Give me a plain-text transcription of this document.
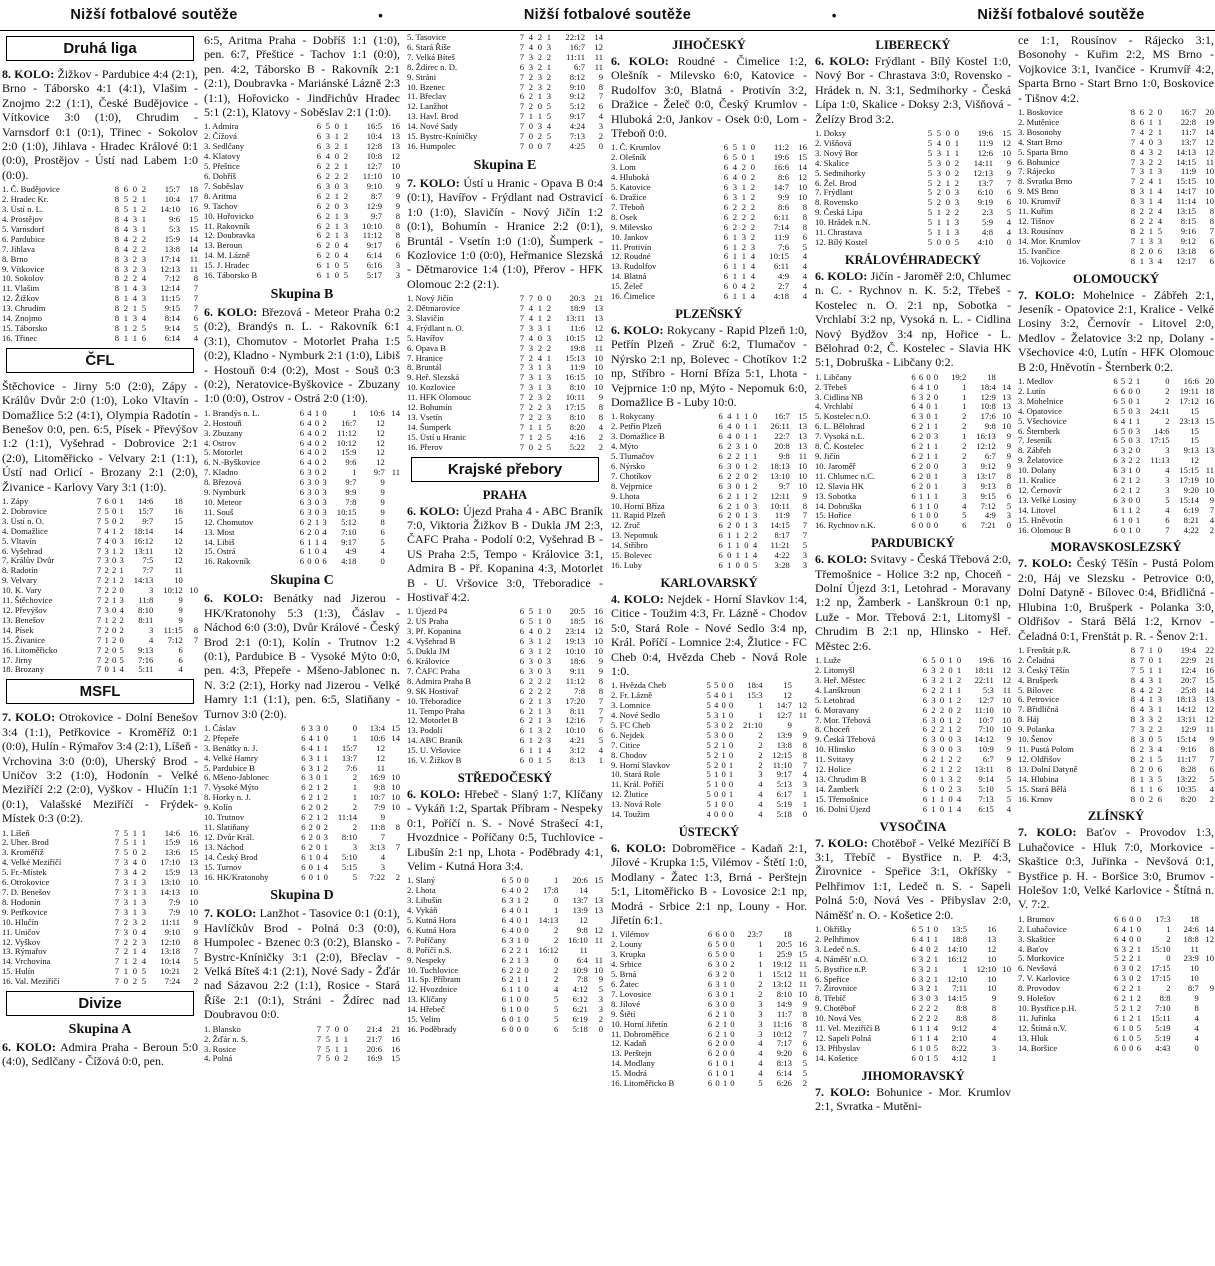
Nižší fotbalové soutěže	•	Nižší fotbalové soutěže	•	Nižší fotbalové soutěže
Druhá liga

8. KOLO: Žižkov - Pardubice 4:4 (2:1), Brno - Táborsko 4:1 (4:1), Vlašim - Znojmo 2:2 (1:1), České Budějovice - Vítkovice 3:0 (1:0), Chrudim - Varnsdorf 0:1 (0:1), Třinec - Sokolov 2:0 (1:0), Jihlava - Hradec Králové 0:1 (0:0), Prostějov - Ústí nad Labem 1:0 (0:0).

1. Č. Budějovice	8	6	0	2	15:7	18
2. Hradec Kr.	8	5	2	1	10:4	17
3. Ústí n. L.	8	5	1	2	14:10	16
4. Prostějov	8	4	3	1	9:6	15
5. Varnsdorf	8	4	3	1	5:3	15
6. Pardubice	8	4	2	2	15:9	14
7. Jihlava	8	4	2	2	13:8	14
8. Brno	8	3	2	3	17:14	11
9. Vítkovice	8	3	2	3	12:13	11
10. Sokolov	8	2	2	4	7:12	8
11. Vlašim	8	1	4	3	12:14	7
12. Žižkov	8	1	4	3	11:15	7
13. Chrudim	8	2	1	5	9:15	7
14. Znojmo	8	1	3	4	8:14	6
15. Táborsko	8	1	2	5	9:14	5
16. Třinec	8	1	1	6	6:14	4
ČFL

Štěchovice - Jirny 5:0 (2:0), Zápy - Králův Dvůr 2:0 (1:0), Loko Vltavín - Domažlice 5:2 (4:1), Olympia Radotín - Benešov 0:0, pen. 6:5, Písek - Převýšov 1:2 (1:1), Vyšehrad - Dobrovice 2:1 (2:0), Litoměřicko - Velvary 2:1 (1:1), Ústí nad Orlicí - Brozany 2:1 (2:0), Živanice - Karlovy Vary 3:1 (1:0).

1. Zápy	7	6	0	1	14:6	18	
2. Dobrovice	7	5	0	1	15:7	16	
3. Ústí n. O.	7	5	0	2	9:7	15	
4. Domažlice	7	4	1	2	18:14	14	
5. Vltavín	7	4	0	3	16:12	12	
6. Vyšehrad	7	3	1	2	13:11	12	
7. Králův Dvůr	7	3	0	3	7:5	12	
8. Radotín	7	2	2	1	7:7	11	
9. Velvary	7	2	1	2	14:13	10	
10. K. Vary	7	2	2	0	3	10:12	10
11. Štěchovice	7	2	1	3	11:8	9	
12. Převýšov	7	3	0	4	8:10	9	
13. Benešov	7	1	2	2	8:11	9	
14. Písek	7	2	0	2	3	11:15	8
15. Živanice	7	1	2	0	4	7:12	7
16. Litoměřicko	7	2	0	5	9:13	6	
17. Jirny	7	2	0	5	7:16	6	
18. Brozany	7	0	1	4	5:11	4	
MSFL

7. KOLO: Otrokovice - Dolní Benešov 3:4 (1:1), Petřkovice - Kroměříž 0:1 (0:0), Hulín - Rýmařov 3:4 (2:1), Líšeň - Vrchovina 3:0 (0:0), Uherský Brod - Uničov 3:2 (1:0), Hodonín - Velké Meziříčí 2:2 (2:0), Vyškov - Hlučín 1:1 (0:1), Valašské Meziříčí - Frýdek-Místek 0:3 (0:2).

1. Líšeň	7	5	1	1	14:6	16
2. Uher. Brod	7	5	1	1	15:9	16
3. Kroměříž	7	5	0	2	13:6	15
4. Velké Meziříčí	7	3	4	0	17:10	13
5. Fr.-Místek	7	3	4	2	15:9	13
6. Otrokovice	7	3	1	3	13:10	10
7. D. Benešov	7	3	1	3	14:13	10
8. Hodonín	7	3	1	3	7:9	10
9. Petřkovice	7	3	1	3	7:9	10
10. Hlučín	7	2	3	2	11:11	9
11. Uničov	7	3	0	4	9:10	9
12. Vyškov	7	2	2	3	12:10	8
13. Rýmařov	7	2	1	4	13:18	7
14. Vrchovina	7	1	2	4	10:14	5
15. Hulín	7	1	0	5	10:21	2
16. Val. Meziříčí	7	0	2	5	7:24	2
Divize
Skupina A

6. KOLO: Admira Praha - Beroun 5:0 (4:0), Sedlčany - Čížová 0:0, pen.

6:5, Aritma Praha - Dobříš 1:1 (1:0), pen. 6:7, Přeštice - Tachov 1:1 (0:0), pen. 4:2, Táborsko B - Rakovník 2:1 (2:1), Doubravka - Mariánské Lázně 2:3 (1:1), Hořovicko - Jindřichův Hradec 5:1 (2:1), Klatovy - Soběslav 2:1 (1:0).

1. Admira	6	5	0	1	16:5	16
2. Čížová	6	3	1	2	10:4	13
3. Sedlčany	6	3	2	1	12:8	13
4. Klatovy	6	4	0	2	10:8	12
5. Přeštice	6	2	2	1	12:7	10
6. Dobříš	6	2	2	2	11:10	10
7. Soběslav	6	3	0	3	9:10	9
8. Aritma	6	2	1	2	8:7	9
9. Tachov	6	2	0	3	12:9	9
10. Hořovicko	6	2	1	3	9:7	8
11. Rakovník	6	2	1	3	10:10	8
12. Doubravka	6	2	1	3	11:12	8
13. Beroun	6	2	0	4	9:17	6
14. M. Lázně	6	2	0	4	6:14	6
15. J. Hradec	6	1	0	5	6:16	3
16. Táborsko B	6	1	0	5	5:17	3
Skupina B

6. KOLO: Březová - Meteor Praha 0:2 (0:2), Brandýs n. L. - Rakovník 6:1 (3:1), Chomutov - Motorlet Praha 1:5 (0:2), Kladno - Nymburk 2:1 (1:0), Libiš - Hostouň 0:4 (0:2), Most - Souš 0:3 (0:2), Neratovice-Byškovice - Zbuzany 1:0 (0:0), Ostrov - Ostrá 2:0 (1:0).

1. Brandýs n. L.	6	4	1	0	1	10:6	14
2. Hostouň	6	4	0	2	16:7	12	
3. Zbuzany	6	4	0	2	11:12	12	
4. Ostrov	6	4	0	2	10:12	12	
5. Motorlet	6	4	0	2	15:9	12	
6. N.-Byškovice	6	4	0	2	9:6	12	
7. Kladno	6	3	0	2	1	9:7	11
8. Březová	6	3	0	3	9:7	9	
9. Nymburk	6	3	0	3	9:9	9	
10. Meteor	6	3	0	3	7:8	9	
11. Souš	6	3	0	3	10:15	9	
12. Chomutov	6	2	1	3	5:12	8	
13. Most	6	2	0	4	7:10	6	
14. Libiš	6	1	1	4	9:17	5	
15. Ostrá	6	1	0	4	4:9	4	
16. Rakovník	6	0	0	6	4:18	0	
Skupina C

6. KOLO: Benátky nad Jizerou - HK/Kratonohy 5:3 (1:3), Čáslav - Náchod 6:0 (3:0), Dvůr Králové - Český Brod 2:1 (0:1), Kolín - Trutnov 1:2 (0:1), Pardubice B - Vysoké Mýto 0:0, pen. 4:3, Přepeře - Mšeno-Jablonec n. N. 3:2 (2:1), Horky nad Jizerou - Velké Hamry 1:1 (1:1), pen. 6:5, Slatiňany - Turnov 3:0 (2:0).

1. Čáslav	6	3	3	0	0	13:4	15
2. Přepeře	6	4	1	0	1	10:6	14
3. Benátky n. J.	6	4	1	1	15:7	12	
4. Velké Hamry	6	3	1	1	13:7	12	
5. Pardubice B	6	3	1	2	7:6	11	
6. Mšeno-Jablonec	6	3	0	1	2	16:9	10
7. Vysoké Mýto	6	2	1	2	1	9:8	10
8. Horky n. J.	6	2	1	2	1	10:7	10
9. Kolín	6	2	0	2	2	7:9	10
10. Trutnov	6	2	1	2	11:14	9	
11. Slatiňany	6	2	0	2	2	11:8	8
12. Dvůr Král.	6	2	0	3	8:10	7	
13. Náchod	6	2	0	1	3	3:13	7
14. Český Brod	6	1	0	4	5:10	4	
15. Turnov	6	0	1	4	5:15	3	
16. HK/Kratonohy	6	0	1	0	5	7:22	2
Skupina D

7. KOLO: Lanžhot - Tasovice 0:1 (0:1), Havlíčkův Brod - Polná 0:3 (0:0), Humpolec - Bzenec 0:3 (0:2), Blansko - Bystrc-Kníničky 3:1 (2:0), Břeclav - Velká Bíteš 4:1 (2:1), Nové Sady - Žďár nad Sázavou 2:2 (1:1), Rosice - Stará Říše 2:1 (0:1), Stráni - Ždírec nad Doubravou 0:0.

1. Blansko	7	7	0	0	21:4	21
2. Žďár n. S.	7	5	1	1	21:7	16
3. Rosice	7	5	1	1	20:6	16
4. Polná	7	5	0	2	16:9	15
5. Tasovice	7	4	2	1	22:12	14
6. Stará Říše	7	4	0	3	16:7	12
7. Velká Bíteš	7	3	2	2	11:11	11
8. Ždírec n. D.	6	3	2	1	6:7	11
9. Stráni	7	2	3	2	8:12	9
10. Bzenec	7	2	3	2	9:10	8
11. Břeclav	6	2	1	3	9:12	7
12. Lanžhot	7	2	0	5	5:12	6
13. Havl. Brod	7	1	1	5	9:17	4
14. Nové Sady	7	0	3	4	4:24	3
15. Bystrc-Kníničky	7	0	2	5	7:13	2
16. Humpolec	7	0	0	7	4:25	0
Skupina E

7. KOLO: Ústí u Hranic - Opava B 0:4 (0:1), Havířov - Frýdlant nad Ostravicí 1:0 (1:0), Slavičín - Nový Jičín 1:2 (0:1), Bohumín - Hranice 2:2 (0:1), Bruntál - Vsetín 1:0 (1:0), Šumperk - Kozlovice 1:0 (0:0), Heřmanice Slezská - Dětmarovice 1:4 (1:0), Přerov - HFK Olomouc 2:2 (2:1).

1. Nový Jičín	7	7	0	0	20:3	21
2. Dětmarovice	7	4	1	2	18:9	13
3. Slavičín	7	4	1	2	13:11	13
4. Frýdlant n. O.	7	3	3	1	11:6	12
5. Havířov	7	4	0	3	10:15	12
6. Opava B	7	3	2	2	19:8	11
7. Hranice	7	2	4	1	15:13	10
8. Bruntál	7	3	1	3	11:9	10
9. Heř. Slezská	7	3	1	3	16:15	10
10. Kozlovice	7	3	1	3	8:10	10
11. HFK Olomouc	7	2	3	2	10:11	9
12. Bohumín	7	2	2	3	17:15	8
13. Vsetín	7	2	2	3	8:10	8
14. Šumperk	7	1	1	5	8:20	4
15. Ústí u Hranic	7	1	2	5	4:16	2
16. Přerov	7	0	2	5	5:22	2
Krajské přebory
PRAHA

6. KOLO: Újezd Praha 4 - ABC Braník 7:0, Viktoria Žižkov B - Dukla JM 2:3, ČAFC Praha - Podolí 0:2, Vyšehrad B - US Praha 2:5, Tempo - Královice 3:1, Admira B - Př. Kopanina 4:3, Motorlet B - U. Vršovice 3:0, Třeboradice - Hostivař 4:2.

1. Újezd P4	6	5	1	0	20:5	16
2. US Praha	6	5	1	0	18:5	16
3. Př. Kopanina	6	4	0	2	23:14	12
4. Vyšehrad B	6	3	1	2	19:13	10
5. Dukla JM	6	3	1	2	10:10	10
6. Královice	6	3	0	3	18:6	9
7. ČAFC Praha	6	3	0	3	9:11	9
8. Admira Praha B	6	2	2	2	11:12	8
9. SK Hostivař	6	2	2	2	7:8	8
10. Třeboradice	6	2	1	3	17:20	7
11. Tempo Praha	6	2	1	3	8:11	7
12. Motorlet B	6	2	1	3	12:16	7
13. Podolí	6	1	3	2	10:10	6
14. ABC Braník	6	1	2	3	4:21	5
15. U. Vršovice	6	1	1	4	3:12	4
16. V. Žižkov B	6	0	1	5	8:13	1
STŘEDOČESKÝ

6. KOLO: Hřebeč - Slaný 1:7, Klíčany - Vykáň 1:2, Spartak Příbram - Nespeky 0:1, Poříčí n. S. - Nové Strašecí 4:1, Hvozdnice - Poříčany 0:5, Tuchlovice - Libušín 2:1 np, Lhota - Poděbrady 4:1, Velim - Kutná Hora 3:4.

1. Slaný	6	5	0	0	1	20:6	15
2. Lhota	6	4	0	2	17:8	14	
3. Libušín	6	3	1	2	0	13:7	13
4. Vykáň	6	4	0	1	1	13:9	13
5. Kutná Hora	6	4	0	1	14:13	12	
6. Kutná Hora	6	4	0	0	2	9:8	12
7. Poříčany	6	3	1	0	2	16:10	11
8. Poříčí n.S.	6	2	2	1	16:12	11	
9. Nespeky	6	2	1	3	0	6:4	11
10. Tuchlovice	6	2	2	0	2	10:9	10
11. Sp. Příbram	6	2	1	1	2	7:8	9
12. Hvozdnice	6	1	1	0	4	4:12	5
13. Klíčany	6	1	0	0	5	6:12	3
14. Hřebeč	6	1	0	0	5	6:21	3
15. Velim	6	0	1	0	5	6:19	2
16. Poděbrady	6	0	0	0	6	5:18	0
JIHOČESKÝ

6. KOLO: Roudné - Čimelice 1:2, Olešník - Milevsko 6:0, Katovice - Rudolfov 3:0, Blatná - Protivín 3:2, Dražice - Želeč 0:0, Český Krumlov - Hluboká 2:0, Jankov - Osek 0:0, Lom - Třeboň 0:0.

1. Č. Krumlov	6	5	1	0	11:2	16
2. Olešník	6	5	0	1	19:6	15
3. Lom	6	4	2	0	16:6	14
4. Hluboká	6	4	0	2	8:6	12
5. Katovice	6	3	1	2	14:7	10
6. Dražice	6	3	1	2	9:9	10
7. Třeboň	6	2	2	2	8:6	8
8. Osek	6	2	2	2	6:11	8
9. Milevsko	6	2	2	2	7:14	8
10. Jankov	6	1	3	2	11:9	6
11. Protivín	6	1	2	3	7:6	5
12. Roudné	6	1	1	4	10:15	4
13. Rudolfov	6	1	1	4	6:11	4
14. Blatná	6	1	1	4	4:9	4
15. Želeč	6	0	4	2	2:7	4
16. Čimelice	6	1	1	4	4:18	4
PLZEŇSKÝ

6. KOLO: Rokycany - Rapid Plzeň 1:0, Petřín Plzeň - Zruč 6:2, Tlumačov - Nýrsko 2:1 np, Bolevec - Chotíkov 1:2 np, Stříbro - Horní Bříza 5:1, Lhota - Vejprnice 1:0 np, Mýto - Nepomuk 6:0, Domažlice B - Luby 10:0.

1. Rokycany	6	4	1	1	0	16:7	15
2. Petřín Plzeň	6	4	0	1	1	26:11	13
3. Domažlice B	6	4	0	1	1	22:7	13
4. Mýto	6	2	3	1	0	20:8	13
5. Tlumačov	6	2	2	1	1	9:8	11
6. Nýrsko	6	3	0	1	2	18:13	10
7. Chotíkov	6	2	2	0	2	13:10	10
8. Vejprnice	6	3	0	1	2	9:7	10
9. Lhota	6	2	1	1	2	12:11	9
10. Horní Bříza	6	2	1	0	3	10:11	8
11. Rapid Plzeň	6	2	0	1	3	11:9	7
12. Zruč	6	2	0	1	3	14:15	7
13. Nepomuk	6	1	1	2	2	8:17	7
14. Stříbro	6	1	1	0	4	11:21	5
15. Bolevec	6	0	1	1	4	4:22	3
16. Luby	6	1	0	0	5	3:28	3
KARLOVARSKÝ

4. KOLO: Nejdek - Horní Slavkov 1:4, Citice - Toužim 4:3, Fr. Lázně - Chodov 5:0, Stará Role - Nové Sedlo 3:4 np, Král. Poříčí - Lomnice 2:4, Žlutice - FC Cheb 0:4, Hvězda Cheb - Nová Role 1:0.

1. Hvězda Cheb	5	5	0	0	18:4	15	
2. Fr. Lázně	5	4	0	1	15:3	12	
3. Lomnice	5	4	0	0	1	14:7	12
4. Nové Sedlo	5	3	1	0	1	12:7	11
5. FC Cheb	5	3	0	2	21:10	9	
6. Nejdek	5	3	0	0	2	13:9	9
7. Citice	5	2	1	0	2	13:8	8
8. Chodov	5	2	1	0	2	12:15	8
9. Horní Slavkov	5	2	0	1	2	11:10	7
10. Stará Role	5	1	0	1	3	9:17	4
11. Král. Poříčí	5	1	0	0	4	5:13	3
12. Žlutice	5	0	0	1	4	6:17	1
13. Nová Role	5	1	0	0	4	5:19	1
14. Toužim	4	0	0	0	4	5:18	0
ÚSTECKÝ

6. KOLO: Dobroměřice - Kadaň 2:1, Jílové - Krupka 1:5, Vilémov - Štětí 1:0, Modlany - Žatec 1:3, Brná - Perštejn 5:1, Litoměřicko B - Lovosice 2:1 np, Modrá - Srbice 2:1 np, Louny - Hor. Jiřetín 6:1.

1. Vilémov	6	6	0	0	23:7	18	
2. Louny	6	5	0	0	1	20:5	16
3. Krupka	6	5	0	0	1	25:9	15
4. Srbice	6	3	0	2	1	19:12	11
5. Brná	6	3	2	0	1	15:12	11
6. Žatec	6	3	1	0	2	13:12	11
7. Lovosice	6	3	0	1	2	8:10	10
8. Jílové	6	3	0	0	3	14:9	9
9. Štětí	6	2	1	0	3	11:7	8
10. Horní Jiřetín	6	2	1	0	3	11:16	8
11. Dobroměřice	6	2	1	0	3	10:12	7
12. Kadaň	6	2	0	0	4	7:17	6
13. Perštejn	6	2	0	0	4	9:20	6
14. Modlany	6	1	0	1	4	8:13	5
15. Modrá	6	1	0	1	4	6:14	5
16. Litoměřicko B	6	0	1	0	5	6:26	2
LIBERECKÝ

6. KOLO: Frýdlant - Bílý Kostel 1:0, Nový Bor - Chrastava 3:0, Rovensko - Hrádek n. N. 3:1, Sedmihorky - Česká Lípa 1:0, Skalice - Doksy 2:3, Višňová - Želízy Brod 3:2.

1. Doksy	5	5	0	0	19:6	15
2. Višňová	5	4	0	1	11:9	12
3. Nový Bor	5	3	1	1	12:6	10
4. Skalice	5	3	0	2	14:11	9
5. Sedmihorky	5	3	0	2	12:13	9
6. Žel. Brod	5	2	1	2	13:7	7
7. Frýdlant	5	2	0	3	6:10	6
8. Rovensko	5	2	0	3	9:19	6
9. Česká Lípa	5	1	2	2	2:3	5
10. Hrádek n.N.	5	1	1	3	5:9	4
11. Chrastava	5	1	1	3	4:8	4
12. Bílý Kostel	5	0	0	5	4:10	0
KRÁLOVÉHRADECKÝ

6. KOLO: Jičín - Jaroměř 2:0, Chlumec n. C. - Rychnov n. K. 5:2, Třebeš - Kostelec n. O. 2:1 np, Sobotka - Vrchlabí 3:2 np, Vysoká n. L. - Cidlina Nový Bydžov 3:4 np, Hořice - L. Bělohrad 0:2, Č. Kostelec - Slavia HK 5:1, Dobruška - Libčany 0:2.

1. Libčany	6	6	0	0	19:2	18	
2. Třebeš	6	4	1	0	1	18:4	14
3. Cidlina NB	6	3	2	0	1	12:9	13
4. Vrchlabí	6	4	0	1	1	10:8	13
5. Kostelec n.O.	6	3	0	1	2	17:6	10
6. L. Bělohrad	6	2	1	1	2	9:8	10
7. Vysoká n.L.	6	2	0	3	1	16:13	9
8. Č. Kostelec	6	2	1	1	2	12:12	9
9. Jičín	6	2	1	1	2	6:7	9
10. Jaroměř	6	2	0	0	3	9:12	9
11. Chlumec n.C.	6	2	0	1	3	13:17	8
12. Slavia HK	6	2	0	1	3	9:13	8
13. Sobotka	6	1	1	1	3	9:15	6
14. Dobruška	6	1	1	0	4	7:12	5
15. Hořice	6	1	0	0	5	4:9	3
16. Rychnov n.K.	6	0	0	0	6	7:21	0
PARDUBICKÝ

6. KOLO: Svitavy - Česká Třebová 2:0, Třemošnice - Holice 3:2 np, Choceň - Dolní Újezd 3:1, Letohrad - Moravany 1:2 np, Žamberk - Lanškroun 0:1 np, Luže - Mor. Třebová 2:1, Litomyšl - Chrudim B 2:1 np, Hlinsko - Heř. Městec 2:6.

1. Luže	6	5	0	1	0	19:6	16
2. Litomyšl	6	3	2	0	1	18:11	12
3. Heř. Městec	6	3	2	1	2	22:11	12
4. Lanškroun	6	2	2	1	1	5:3	11
5. Letohrad	6	3	0	1	2	12:7	10
6. Moravany	6	2	2	0	2	11:10	10
7. Mor. Třebová	6	3	0	1	2	10:7	10
8. Choceň	6	2	2	1	2	7:10	10
9. Česká Třebová	6	3	0	0	3	14:12	9
10. Hlinsko	6	3	0	0	3	10:9	9
11. Svitavy	6	2	1	2	2	6:7	9
12. Holice	6	2	1	2	2	13:11	8
13. Chrudim B	6	0	1	3	2	9:14	5
14. Žamberk	6	1	0	2	3	5:10	5
15. Třemošnice	6	1	1	0	4	7:13	5
16. Dolní Újezd	6	1	0	1	4	6:15	4
VYSOČINA

7. KOLO: Chotěboř - Velké Meziříčí B 3:1, Třebíč - Bystřice n. P. 4:3, Žirovnice - Speřice 3:1, Okříšky - Pelhřimov 1:1, Ledeč n. S. - Sapeli Polná 5:0, Nová Ves - Přibyslav 2:0, Náměšť n. O. - Košetice 2:0.

1. Okříšky	6	5	1	0	13:5	16	
2. Pelhřimov	6	4	1	1	18:8	13	
3. Ledeč n.S.	6	4	0	2	14:10	12	
4. Náměšť n.O.	6	3	2	1	16:12	10	
5. Bystřice n.P.	6	3	2	1	1	12:10	10
6. Speřice	6	3	2	1	12:10	10	
7. Žirovnice	6	3	2	1	7:11	10	
8. Třebíč	6	3	0	3	14:15	9	
9. Chotěboř	6	2	2	2	8:8	8	
10. Nová Ves	6	2	2	2	8:8	8	
11. Vel. Meziříčí B	6	1	1	4	9:12	4	
12. Sapeli Polná	6	1	1	4	2:10	4	
13. Přibyslav	6	1	0	5	8:22	3	
14. Košetice	6	0	1	5	4:12	1	
JIHOMORAVSKÝ

7. KOLO: Bohunice - Mor. Krumlov 2:1, Svratka - Mutěni-

ce 1:1, Rousínov - Rájecko 3:1, Bosonohy - Kuřim 2:2, MS Brno - Vojkovice 3:1, Ivančice - Krumvíř 4:2, Sparta Brno - Start Brno 1:0, Boskovice - Tišnov 4:2.

1. Boskovice	8	6	2	0	16:7	20
2. Mutěnice	8	6	1	1	22:8	19
3. Bosonohy	7	4	2	1	11:7	14
4. Start Brno	7	4	0	3	13:7	12
5. Sparta Brno	8	4	3	2	14:13	12
6. Bohunice	7	3	2	2	14:15	11
7. Rájecko	7	3	1	3	11:9	10
8. Svratka Brno	7	2	4	1	15:15	10
9. MS Brno	8	3	1	4	14:17	10
10. Krumvíř	8	3	1	4	11:14	10
11. Kuřim	8	2	2	4	13:15	8
12. Tišnov	8	2	2	4	8:15	8
13. Rousínov	8	2	1	5	9:16	7
14. Mor. Krumlov	7	1	3	3	9:12	6
15. Ivančice	8	2	0	6	13:18	6
16. Vojkovice	8	1	3	4	12:17	6
OLOMOUCKÝ

7. KOLO: Mohelnice - Zábřeh 2:1, Jeseník - Opatovice 2:1, Kralice - Velké Losiny 3:2, Černovír - Litovel 2:0, Medlov - Želatovice 3:2 np, Dolany - Všechovice 4:0, Lutín - HFK Olomouc B 2:0, Hněvotín - Šternberk 0:2.

1. Medlov	6	5	2	1	0	16:6	20
2. Lutín	6	6	0	0	2	19:11	18
3. Mohelnice	6	5	0	1	2	17:12	16
4. Opatovice	6	5	0	3	24:11	15	
5. Všechovice	6	4	1	1	2	23:13	15
6. Šternberk	6	5	0	3	14:6	15	
7. Jeseník	6	5	0	3	17:15	15	
8. Zábřeh	6	3	2	0	3	9:13	13
9. Želatovice	6	3	2	2	11:13	12	
10. Dolany	6	3	1	0	4	15:15	11
11. Kralice	6	2	1	2	3	17:19	10
12. Černovír	6	2	1	2	3	9:20	10
13. Velké Losiny	6	3	0	0	5	15:14	9
14. Litovel	6	1	1	2	4	6:19	7
15. Hněvotín	6	1	0	1	6	8:21	4
16. Olomouc B	6	0	1	0	7	4:22	2
MORAVSKOSLEZSKÝ

7. KOLO: Český Těšín - Pustá Polom 2:0, Háj ve Slezsku - Petrovice 0:0, Dolní Datyně - Bílovec 0:4, Břidličná - Hlubina 1:0, Brušperk - Polanka 3:0, Oldřišov - Stará Bělá 1:2, Krnov - Čeladná 0:1, Frenštát p. R. - Šenov 2:1.

1. Frenštát p.R.	8	7	1	0	19:4	22
2. Čeladná	8	7	0	1	22:9	21
3. Český Těšín	7	5	1	1	12:4	16
4. Brušperk	8	4	3	1	20:7	15
5. Bílovec	8	4	2	2	25:8	14
6. Petrovice	8	4	1	3	18:13	13
7. Břidličná	8	4	3	1	14:12	12
8. Háj	8	3	3	2	13:11	12
9. Polanka	7	3	2	2	12:9	11
10. Šenov	8	3	0	5	15:14	9
11. Pustá Polom	8	2	3	4	9:16	8
12. Oldřišov	8	2	1	5	11:17	7
13. Dolní Datyně	8	2	0	6	8:28	6
14. Hlubina	8	1	3	5	13:22	5
15. Stará Bělá	8	1	1	6	10:35	4
16. Krnov	8	0	2	6	8:20	2
ZLÍNSKÝ

7. KOLO: Baťov - Provodov 1:3, Luhačovice - Hluk 7:0, Morkovice - Skaštice 0:3, Juřinka - Nevšová 0:1, Bystřice p. H. - Boršice 3:0, Brumov - Holešov 1:0, Velké Karlovice - Štítná n. V. 7:2.

1. Brumov	6	6	0	0	17:3	18	
2. Luhačovice	6	4	1	0	1	24:6	14
3. Skaštice	6	4	0	0	2	18:8	12
4. Baťov	6	3	2	1	15:10	11	
5. Morkovice	5	2	2	1	0	23:9	10
6. Nevšová	6	3	0	2	17:15	10	
7. V. Karlovice	6	3	0	2	17:15	10	
8. Provodov	6	2	2	1	2	8:7	9
9. Holešov	6	2	1	2	8:8	9	
10. Bystřice p.H.	5	2	1	2	7:10	8	
11. Juřinka	6	1	2	1	15:11	4	
12. Štítná n.V.	6	1	0	5	5:19	4	
13. Hluk	6	1	0	5	5:19	4	
14. Boršice	6	0	0	6	4:43	0	
